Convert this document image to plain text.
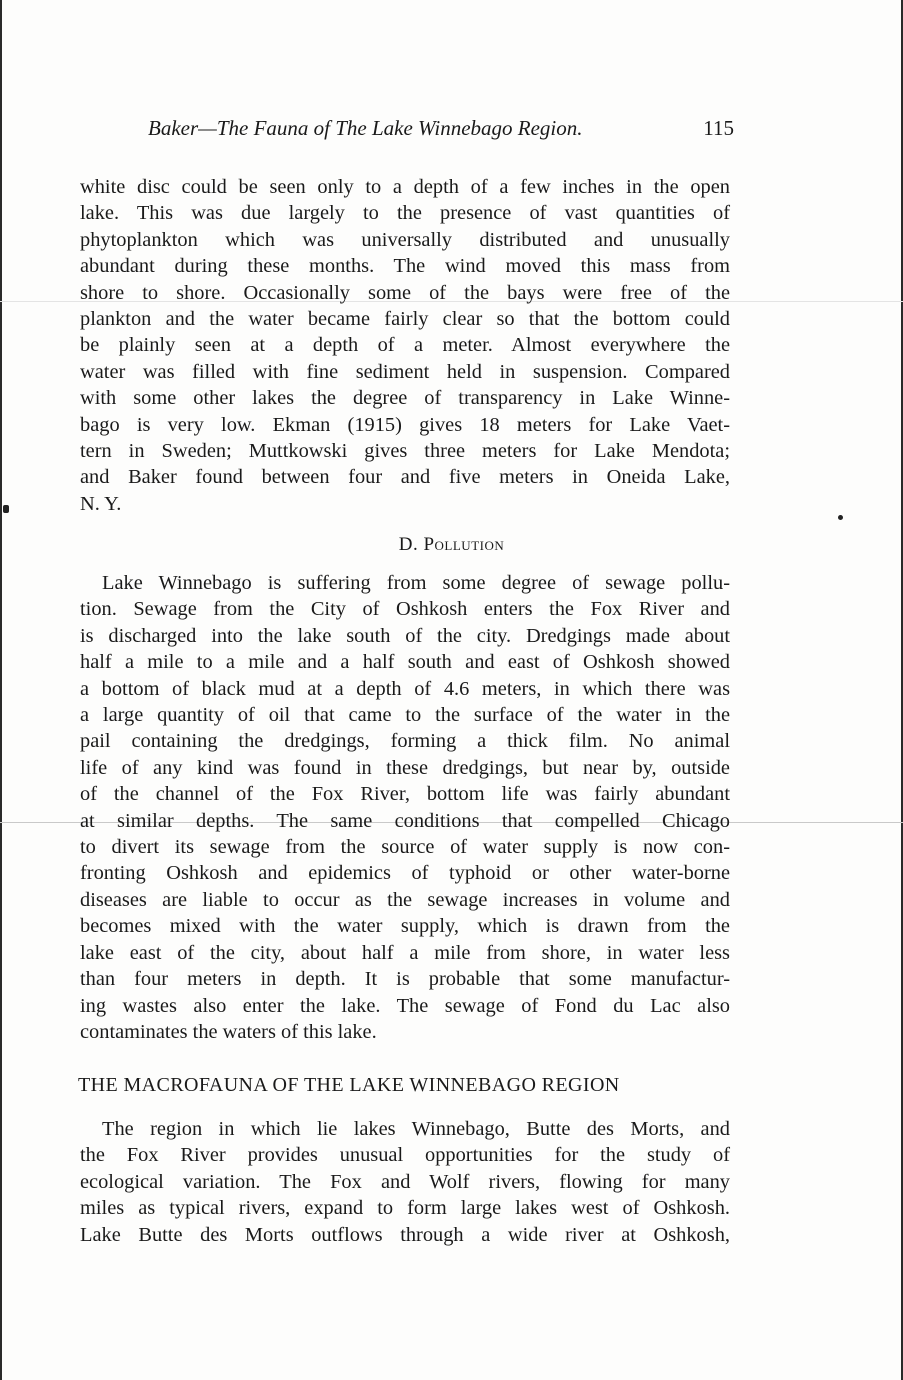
Baker—The Fauna of The Lake Winnebago Region.	115
white disc could be seen only to a depth of a few inches in the open
lake. This was due largely to the presence of vast quantities of
phytoplankton which was universally distributed and unusually
abundant during these months. The wind moved this mass from
shore to shore. Occasionally some of the bays were free of the
plankton and the water became fairly clear so that the bottom could
be plainly seen at a depth of a meter. Almost everywhere the
water was filled with fine sediment held in suspension. Compared
with some other lakes the degree of transparency in Lake Winne-
bago is very low. Ekman (1915) gives 18 meters for Lake Vaet-
tern in Sweden; Muttkowski gives three meters for Lake Mendota;
and Baker found between four and five meters in Oneida Lake,
N. Y.
D. Pollution
Lake Winnebago is suffering from some degree of sewage pollu-
tion. Sewage from the City of Oshkosh enters the Fox River and
is discharged into the lake south of the city. Dredgings made about
half a mile to a mile and a half south and east of Oshkosh showed
a bottom of black mud at a depth of 4.6 meters, in which there was
a large quantity of oil that came to the surface of the water in the
pail containing the dredgings, forming a thick film. No animal
life of any kind was found in these dredgings, but near by, outside
of the channel of the Fox River, bottom life was fairly abundant
at similar depths. The same conditions that compelled Chicago
to divert its sewage from the source of water supply is now con-
fronting Oshkosh and epidemics of typhoid or other water-borne
diseases are liable to occur as the sewage increases in volume and
becomes mixed with the water supply, which is drawn from the
lake east of the city, about half a mile from shore, in water less
than four meters in depth. It is probable that some manufactur-
ing wastes also enter the lake. The sewage of Fond du Lac also
contaminates the waters of this lake.
THE MACROFAUNA OF THE LAKE WINNEBAGO REGION
The region in which lie lakes Winnebago, Butte des Morts, and
the Fox River provides unusual opportunities for the study of
ecological variation. The Fox and Wolf rivers, flowing for many
miles as typical rivers, expand to form large lakes west of Oshkosh.
Lake Butte des Morts outflows through a wide river at Oshkosh,
